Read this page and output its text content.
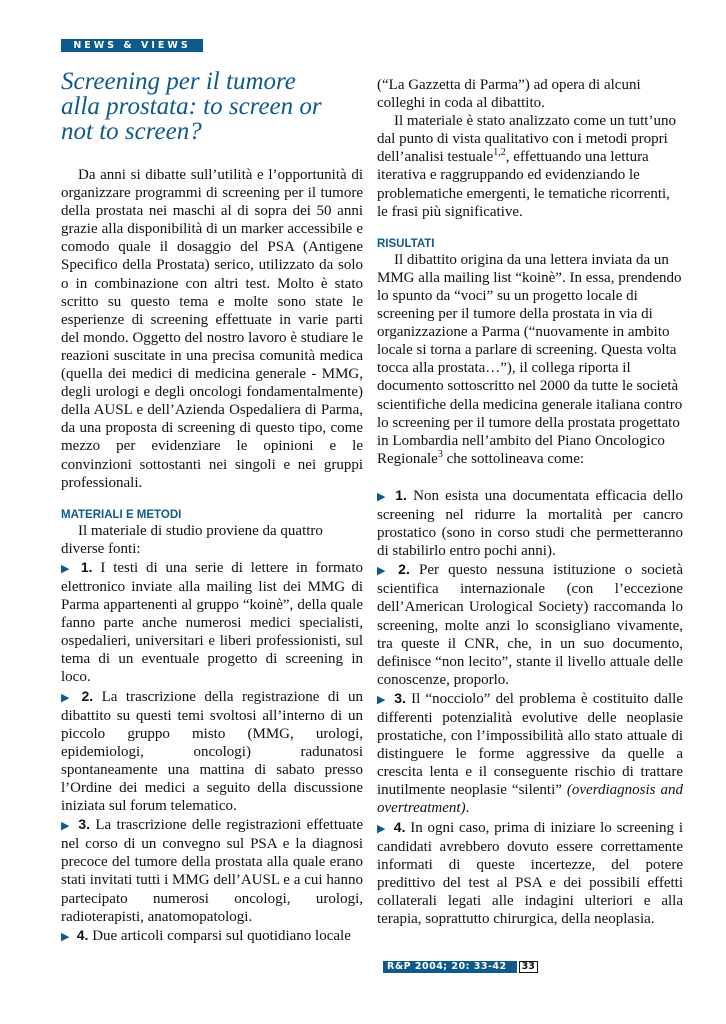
NEWS & VIEWS
Screening per il tumore alla prostata: to screen or not to screen?

Da anni si dibatte sull’utilità e l’opportunità di organizzare programmi di screening per il tumore della prostata nei maschi al di sopra dei 50 anni grazie alla disponibilità di un marker accessibile e comodo quale il dosaggio del PSA (Antigene Specifico della Prostata) serico, utilizzato da solo o in combinazione con altri test. Molto è stato scritto su questo tema e molte sono state le esperienze di screening effettuate in varie parti del mondo. Oggetto del nostro lavoro è studiare le reazioni suscitate in una precisa comunità medica (quella dei medici di medicina generale - MMG, degli urologi e degli oncologi fondamentalmente) della AUSL e dell’Azienda Ospedaliera di Parma, da una proposta di screening di questo tipo, come mezzo per evidenziare le opinioni e le convinzioni sottostanti nei singoli e nei gruppi professionali.

MATERIALI E METODI

Il materiale di studio proviene da quattro diverse fonti:

▶ 1. I testi di una serie di lettere in formato elettronico inviate alla mailing list dei MMG di Parma appartenenti al gruppo “koinè”, della quale fanno parte anche numerosi medici specialisti, ospedalieri, universitari e liberi professionisti, sul tema di un eventuale progetto di screening in loco.

▶ 2. La trascrizione della registrazione di un dibattito su questi temi svoltosi all’interno di un piccolo gruppo misto (MMG, urologi, epidemiologi, oncologi) radunatosi spontaneamente una mattina di sabato presso l’Ordine dei medici a seguito della discussione iniziata sul forum telematico.

▶ 3. La trascrizione delle registrazioni effettuate nel corso di un convegno sul PSA e la diagnosi precoce del tumore della prostata alla quale erano stati invitati tutti i MMG dell’AUSL e a cui hanno partecipato numerosi oncologi, urologi, radioterapisti, anatomopatologi.

▶ 4. Due articoli comparsi sul quotidiano locale

(“La Gazzetta di Parma”) ad opera di alcuni colleghi in coda al dibattito.

Il materiale è stato analizzato come un tutt’uno dal punto di vista qualitativo con i metodi propri dell’analisi testuale$^{1,2}$, effettuando una lettura iterativa e raggruppando ed evidenziando le problematiche emergenti, le tematiche ricorrenti, le frasi più significative.

RISULTATI

Il dibattito origina da una lettera inviata da un MMG alla mailing list “koinè”. In essa, prendendo lo spunto da “voci” su un progetto locale di screening per il tumore della prostata in via di organizzazione a Parma (“nuovamente in ambito locale si torna a parlare di screening. Questa volta tocca alla prostata…”), il collega riporta il documento sottoscritto nel 2000 da tutte le società scientifiche della medicina generale italiana contro lo screening per il tumore della prostata progettato in Lombardia nell’ambito del Piano Oncologico Regionale$^3$ che sottolineava come:

▶ 1. Non esista una documentata efficacia dello screening nel ridurre la mortalità per cancro prostatico (sono in corso studi che permetteranno di stabilirlo entro pochi anni).

▶ 2. Per questo nessuna istituzione o società scientifica internazionale (con l’eccezione dell’American Urological Society) raccomanda lo screening, molte anzi lo sconsigliano vivamente, tra queste il CNR, che, in un suo documento, definisce “non lecito”, stante il livello attuale delle conoscenze, proporlo.

▶ 3. Il “nocciolo” del problema è costituito dalle differenti potenzialità evolutive delle neoplasie prostatiche, con l’impossibilità allo stato attuale di distinguere le forme aggressive da quelle a crescita lenta e il conseguente rischio di trattare inutilmente neoplasie “silenti” (overdiagnosis and overtreatment).

▶ 4. In ogni caso, prima di iniziare lo screening i candidati avrebbero dovuto essere correttamente informati di queste incertezze, del potere predittivo del test al PSA e dei possibili effetti collaterali legati alle indagini ulteriori e alla terapia, soprattutto chirurgica, della neoplasia.

R&P 2004; 20: 33-42 33
